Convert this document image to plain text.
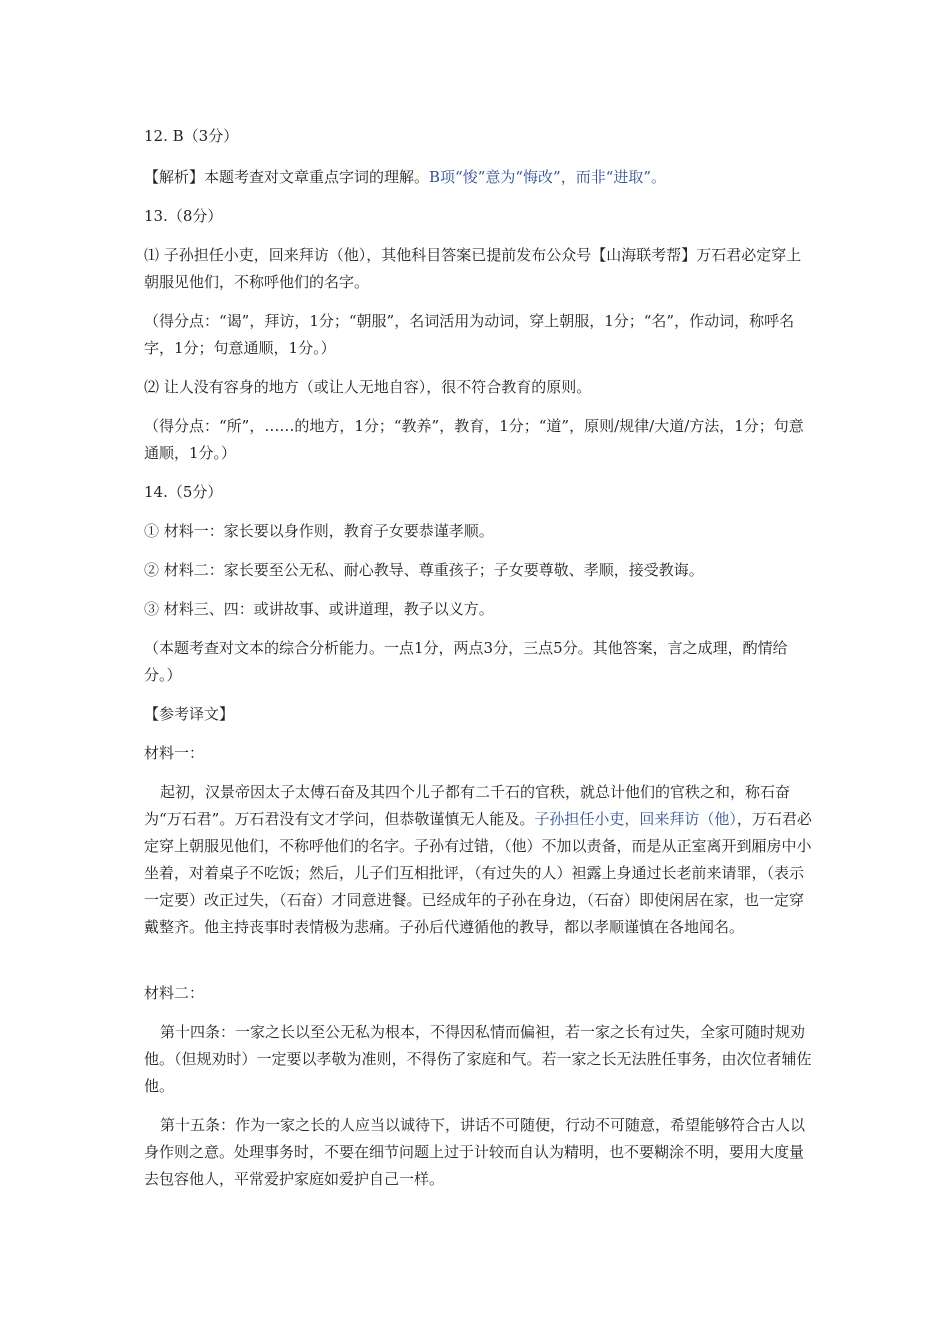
12. B（3分）

【解析】本题考查对文章重点字词的理解。B项“悛”意为“悔改”，而非“进取”。

13.（8分）

⑴ 子孙担任小吏，回来拜访（他），其他科目答案已提前发布公众号【山海联考帮】万石君必定穿上朝服见他们，不称呼他们的名字。

（得分点：“谒”，拜访，1分；“朝服”，名词活用为动词，穿上朝服，1分；“名”，作动词，称呼名字，1分；句意通顺，1分。）

⑵ 让人没有容身的地方（或让人无地自容），很不符合教育的原则。

（得分点：“所”，……的地方，1分；“教养”，教育，1分；“道”，原则/规律/大道/方法，1分；句意通顺，1分。）

14.（5分）

① 材料一：家长要以身作则，教育子女要恭谨孝顺。

② 材料二：家长要至公无私、耐心教导、尊重孩子；子女要尊敬、孝顺，接受教诲。

③ 材料三、四：或讲故事、或讲道理，教子以义方。

（本题考查对文本的综合分析能力。一点1分，两点3分，三点5分。其他答案，言之成理，酌情给分。）

【参考译文】

材料一：

起初，汉景帝因太子太傅石奋及其四个儿子都有二千石的官秩，就总计他们的官秩之和，称石奋为“万石君”。万石君没有文才学问，但恭敬谨慎无人能及。子孙担任小吏，回来拜访（他），万石君必定穿上朝服见他们，不称呼他们的名字。子孙有过错，（他）不加以责备，而是从正室离开到厢房中小坐着，对着桌子不吃饭；然后，儿子们互相批评，（有过失的人）袒露上身通过长老前来请罪，（表示一定要）改正过失，（石奋）才同意进餐。已经成年的子孙在身边，（石奋）即使闲居在家，也一定穿戴整齐。他主持丧事时表情极为悲痛。子孙后代遵循他的教导，都以孝顺谨慎在各地闻名。

材料二：

第十四条：一家之长以至公无私为根本，不得因私情而偏袒，若一家之长有过失，全家可随时规劝他。（但规劝时）一定要以孝敬为准则，不得伤了家庭和气。若一家之长无法胜任事务，由次位者辅佐他。

第十五条：作为一家之长的人应当以诚待下，讲话不可随便，行动不可随意，希望能够符合古人以身作则之意。处理事务时，不要在细节问题上过于计较而自认为精明，也不要糊涂不明，要用大度量去包容他人，平常爱护家庭如爱护自己一样。
